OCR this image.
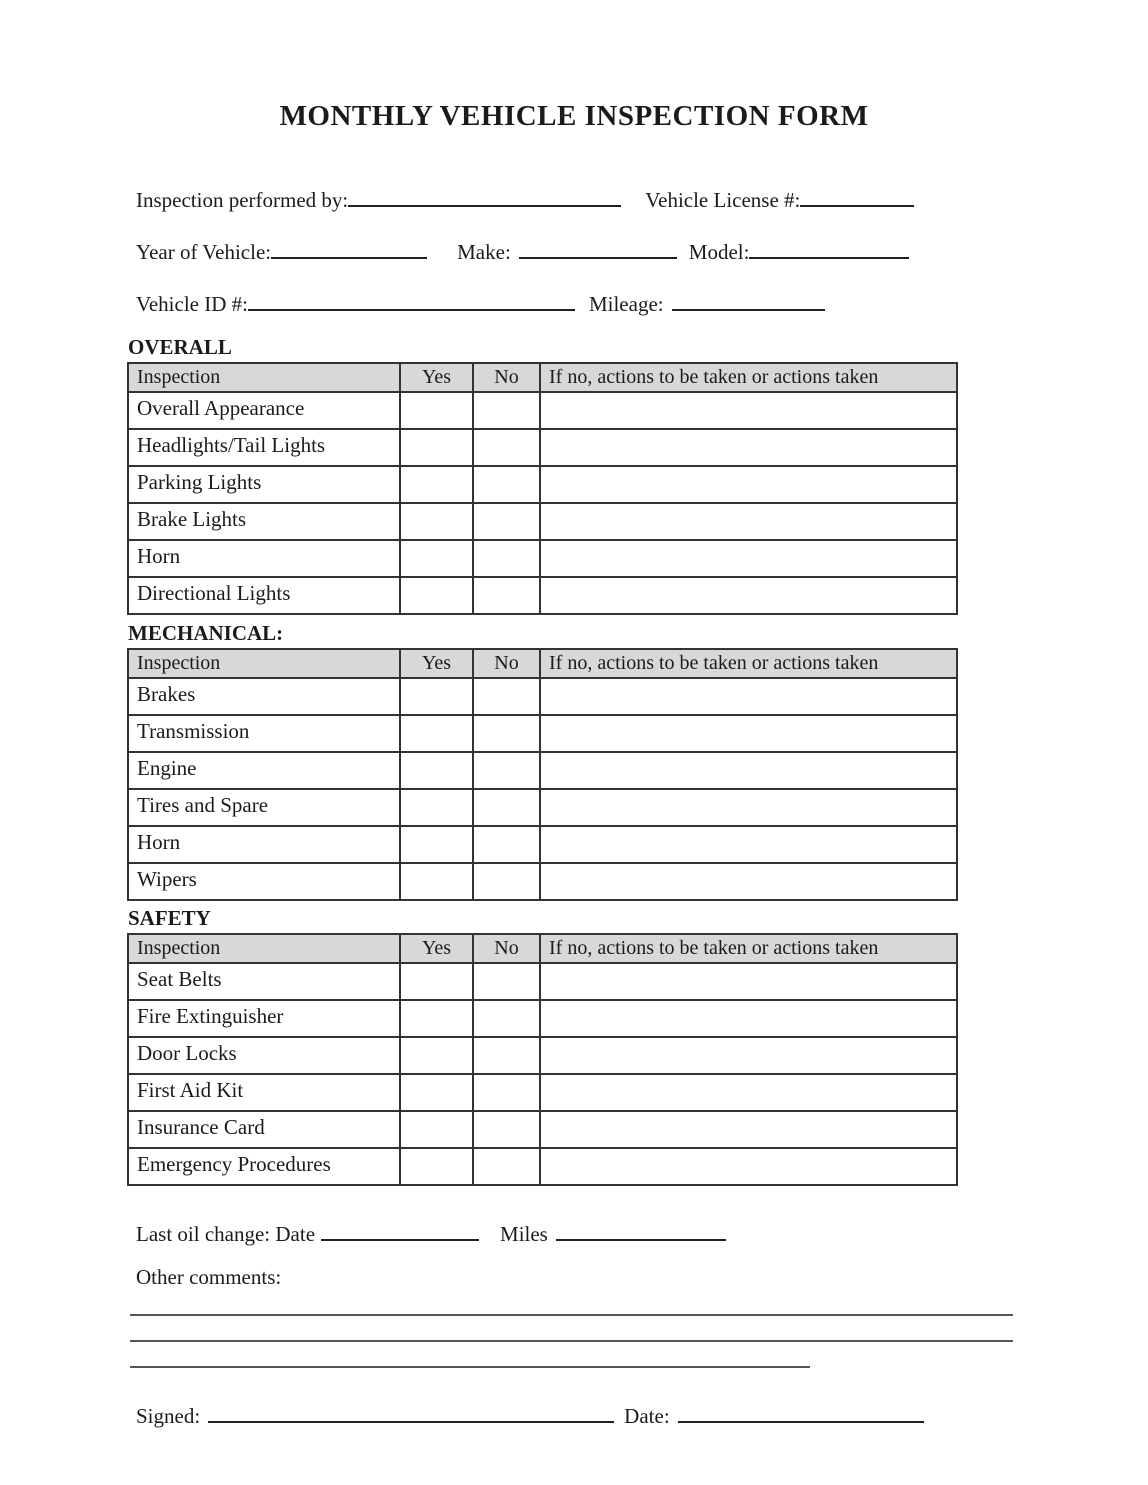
MONTHLY VEHICLE INSPECTION FORM
Inspection performed by:	Vehicle License #:
Year of Vehicle:	Make:	Model:
Vehicle ID #:	Mileage:
OVERALL
Inspection	Yes	No	If no, actions to be taken or actions taken
Overall Appearance			
Headlights/Tail Lights			
Parking Lights			
Brake Lights			
Horn			
Directional Lights			
MECHANICAL:
Inspection	Yes	No	If no, actions to be taken or actions taken
Brakes			
Transmission			
Engine			
Tires and Spare			
Horn			
Wipers			
SAFETY
Inspection	Yes	No	If no, actions to be taken or actions taken
Seat Belts			
Fire Extinguisher			
Door Locks			
First Aid Kit			
Insurance Card			
Emergency Procedures			
Last oil change: Date	Miles
Other comments:
Signed:	Date:
